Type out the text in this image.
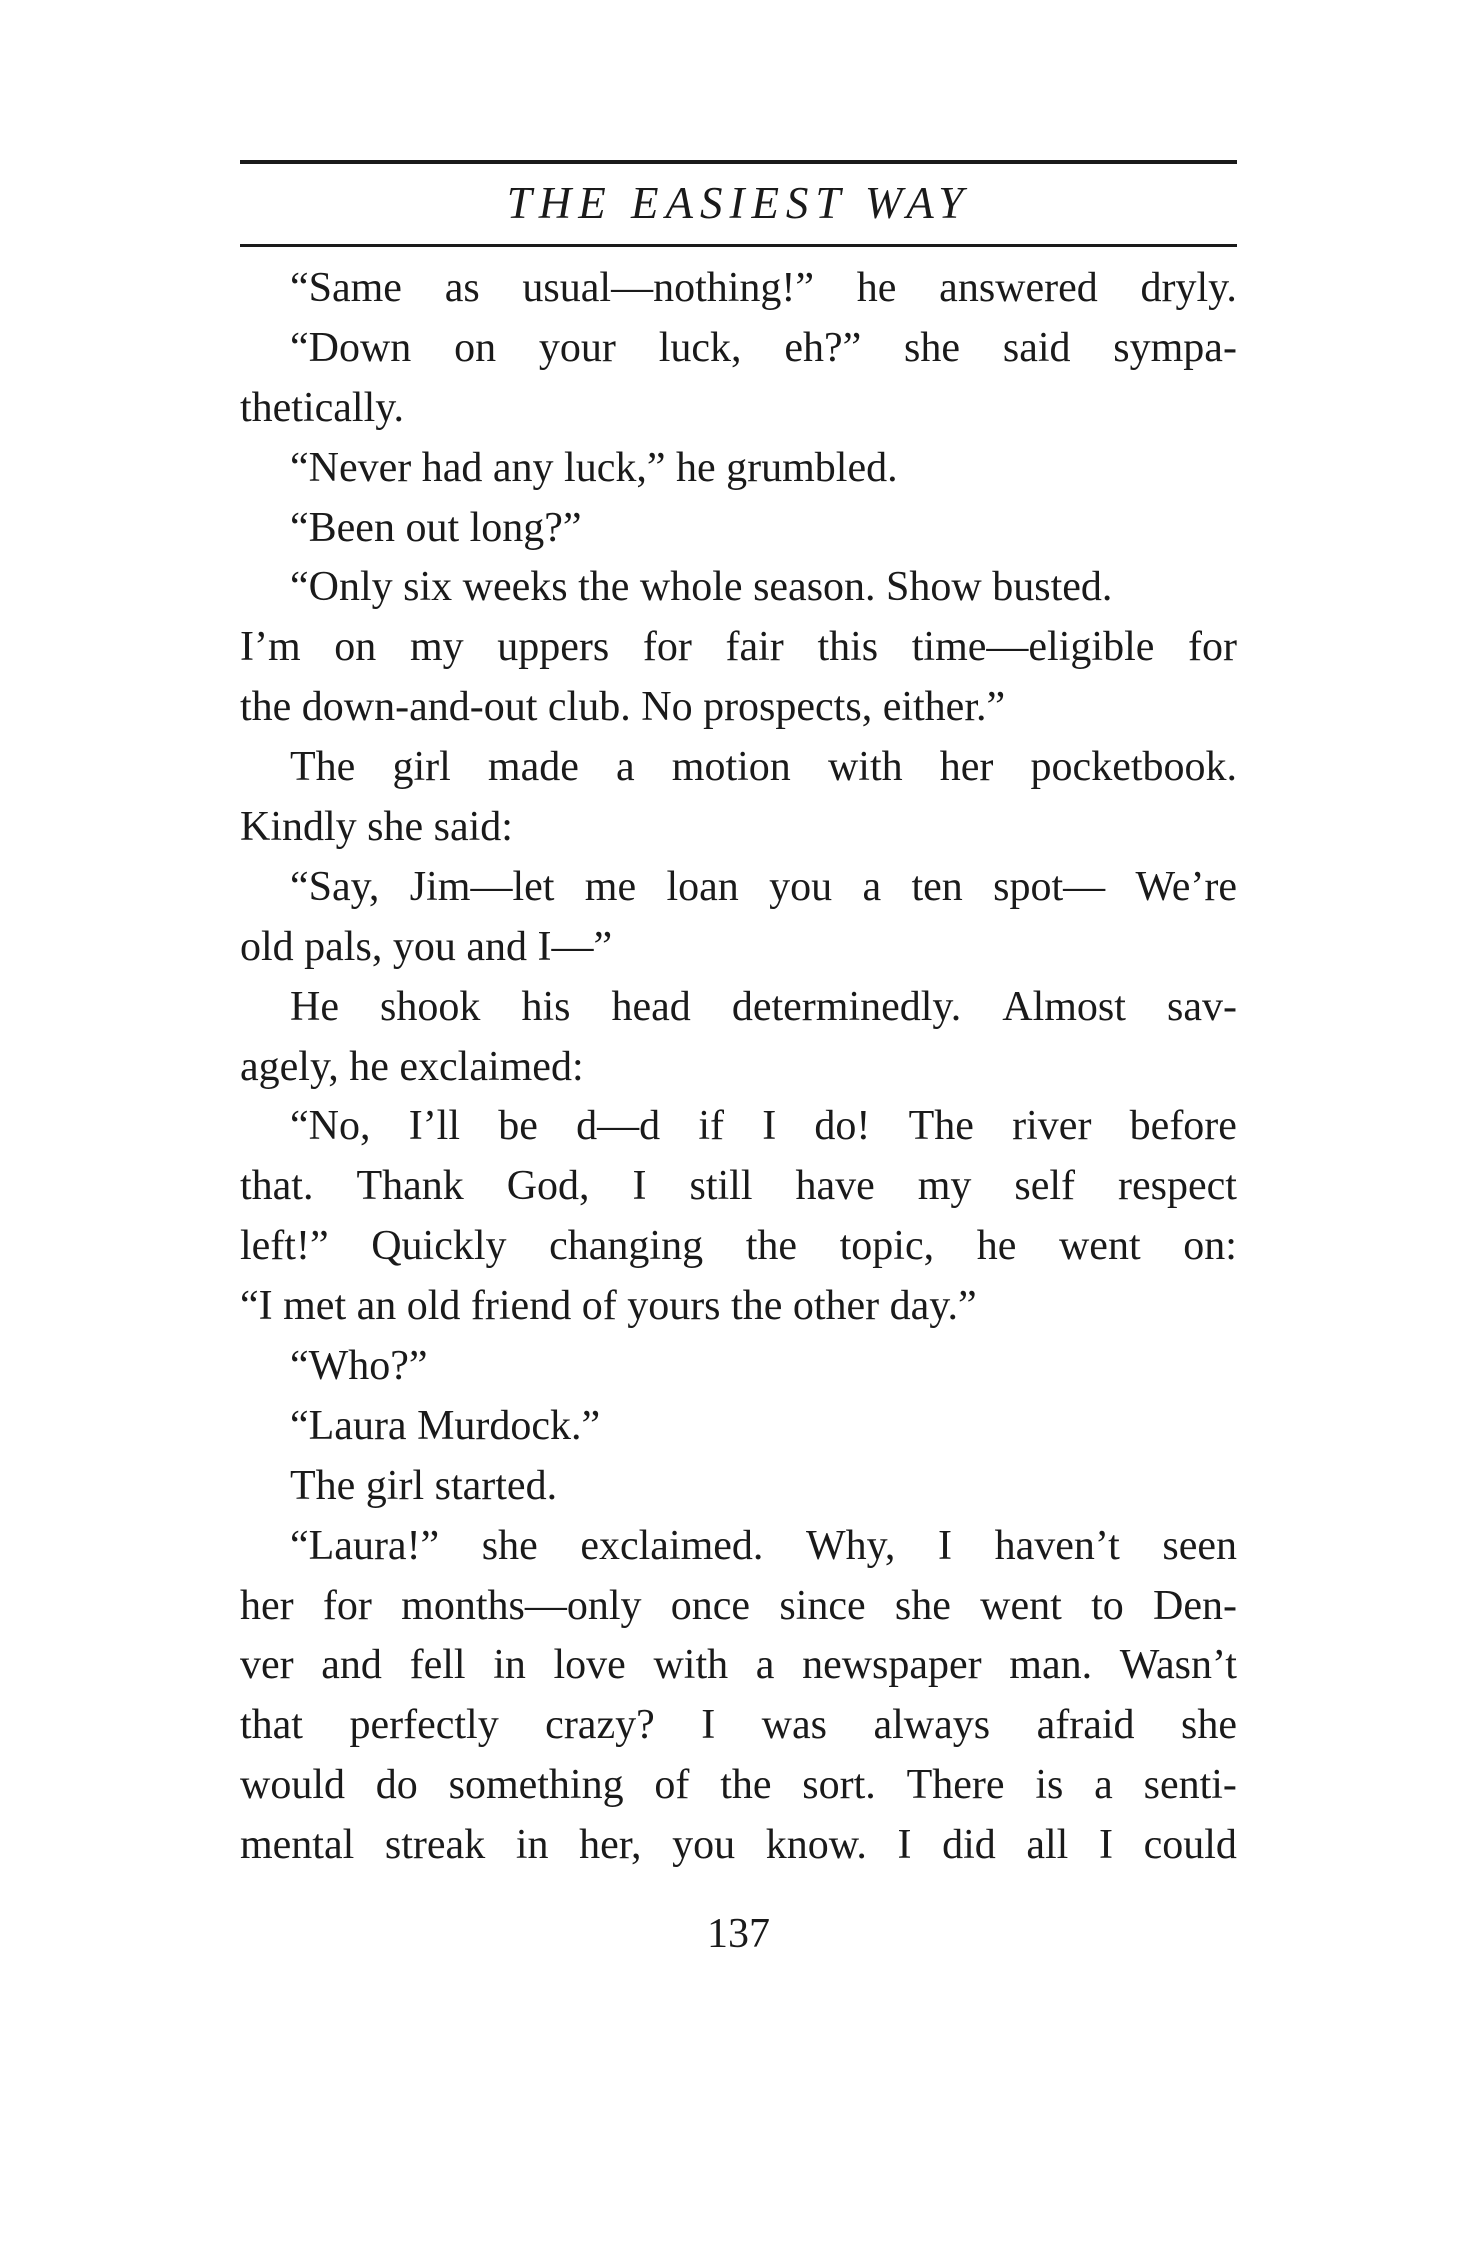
THE EASIEST WAY
“Same as usual—nothing!” he answered dryly.
“Down on your luck, eh?” she said sympa-
thetically.
“Never had any luck,” he grumbled.
“Been out long?”
“Only six weeks the whole season. Show busted.
I’m on my uppers for fair this time—eligible for
the down-and-out club. No prospects, either.”
The girl made a motion with her pocketbook.
Kindly she said:
“Say, Jim—let me loan you a ten spot— We’re
old pals, you and I—”
He shook his head determinedly. Almost sav-
agely, he exclaimed:
“No, I’ll be d—d if I do! The river before
that. Thank God, I still have my self respect
left!” Quickly changing the topic, he went on:
“I met an old friend of yours the other day.”
“Who?”
“Laura Murdock.”
The girl started.
“Laura!” she exclaimed. Why, I haven’t seen
her for months—only once since she went to Den-
ver and fell in love with a newspaper man. Wasn’t
that perfectly crazy? I was always afraid she
would do something of the sort. There is a senti-
mental streak in her, you know. I did all I could
137
